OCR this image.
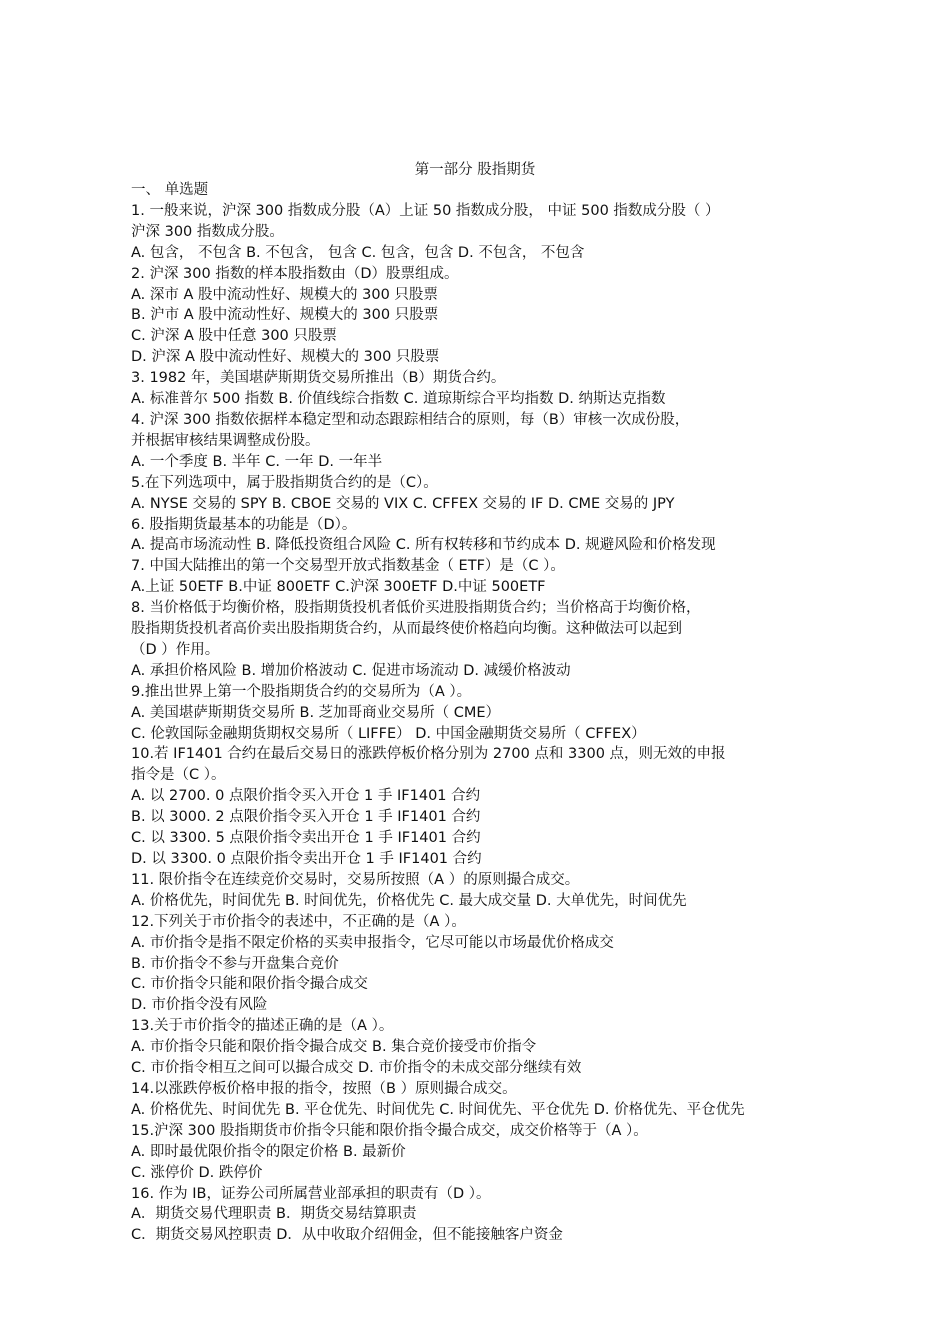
第一部分 股指期货
一、 单选题
1. 一般来说，沪深 300 指数成分股（A）上证 50 指数成分股， 中证 500 指数成分股（ ）
沪深 300 指数成分股。
A. 包含， 不包含 B. 不包含， 包含 C. 包含，包含 D. 不包含， 不包含
2. 沪深 300 指数的样本股指数由（D）股票组成。
A. 深市 A 股中流动性好、规模大的 300 只股票
B. 沪市 A 股中流动性好、规模大的 300 只股票
C. 沪深 A 股中任意 300 只股票
D. 沪深 A 股中流动性好、规模大的 300 只股票
3. 1982 年，美国堪萨斯期货交易所推出（B）期货合约。
A. 标准普尔 500 指数 B. 价值线综合指数 C. 道琼斯综合平均指数 D. 纳斯达克指数
4. 沪深 300 指数依据样本稳定型和动态跟踪相结合的原则，每（B）审核一次成份股，
并根据审核结果调整成份股。
A. 一个季度 B. 半年 C. 一年 D. 一年半
5.在下列选项中，属于股指期货合约的是（C）。
A. NYSE 交易的 SPY B. CBOE 交易的 VIX C. CFFEX 交易的 IF D. CME 交易的 JPY
6. 股指期货最基本的功能是（D）。
A. 提高市场流动性 B. 降低投资组合风险 C. 所有权转移和节约成本 D. 规避风险和价格发现
7. 中国大陆推出的第一个交易型开放式指数基金（ ETF）是（C ）。
A.上证 50ETF B.中证 800ETF C.沪深 300ETF D.中证 500ETF
8. 当价格低于均衡价格，股指期货投机者低价买进股指期货合约；当价格高于均衡价格，
股指期货投机者高价卖出股指期货合约，从而最终使价格趋向均衡。这种做法可以起到
（D ）作用。
A. 承担价格风险 B. 增加价格波动 C. 促进市场流动 D. 减缓价格波动
9.推出世界上第一个股指期货合约的交易所为（A ）。
A. 美国堪萨斯期货交易所 B. 芝加哥商业交易所（ CME）
C. 伦敦国际金融期货期权交易所（ LIFFE） D. 中国金融期货交易所（ CFFEX）
10.若 IF1401 合约在最后交易日的涨跌停板价格分别为 2700 点和 3300 点，则无效的申报
指令是（C ）。
A. 以 2700. 0 点限价指令买入开仓 1 手 IF1401 合约
B. 以 3000. 2 点限价指令买入开仓 1 手 IF1401 合约
C. 以 3300. 5 点限价指令卖出开仓 1 手 IF1401 合约
D. 以 3300. 0 点限价指令卖出开仓 1 手 IF1401 合约
11. 限价指令在连续竞价交易时，交易所按照（A ）的原则撮合成交。
A. 价格优先，时间优先 B. 时间优先，价格优先 C. 最大成交量 D. 大单优先，时间优先
12.下列关于市价指令的表述中，不正确的是（A ）。
A. 市价指令是指不限定价格的买卖申报指令，它尽可能以市场最优价格成交
B. 市价指令不参与开盘集合竞价
C. 市价指令只能和限价指令撮合成交
D. 市价指令没有风险
13.关于市价指令的描述正确的是（A ）。
A. 市价指令只能和限价指令撮合成交 B. 集合竞价接受市价指令
C. 市价指令相互之间可以撮合成交 D. 市价指令的未成交部分继续有效
14.以涨跌停板价格申报的指令，按照（B ）原则撮合成交。
A. 价格优先、时间优先 B. 平仓优先、时间优先 C. 时间优先、平仓优先 D. 价格优先、平仓优先
15.沪深 300 股指期货市价指令只能和限价指令撮合成交，成交价格等于（A ）。
A. 即时最优限价指令的限定价格 B. 最新价
C. 涨停价 D. 跌停价
16. 作为 IB，证券公司所属营业部承担的职责有（D ）。
A．期货交易代理职责 B．期货交易结算职责
C．期货交易风控职责 D．从中收取介绍佣金，但不能接触客户资金
